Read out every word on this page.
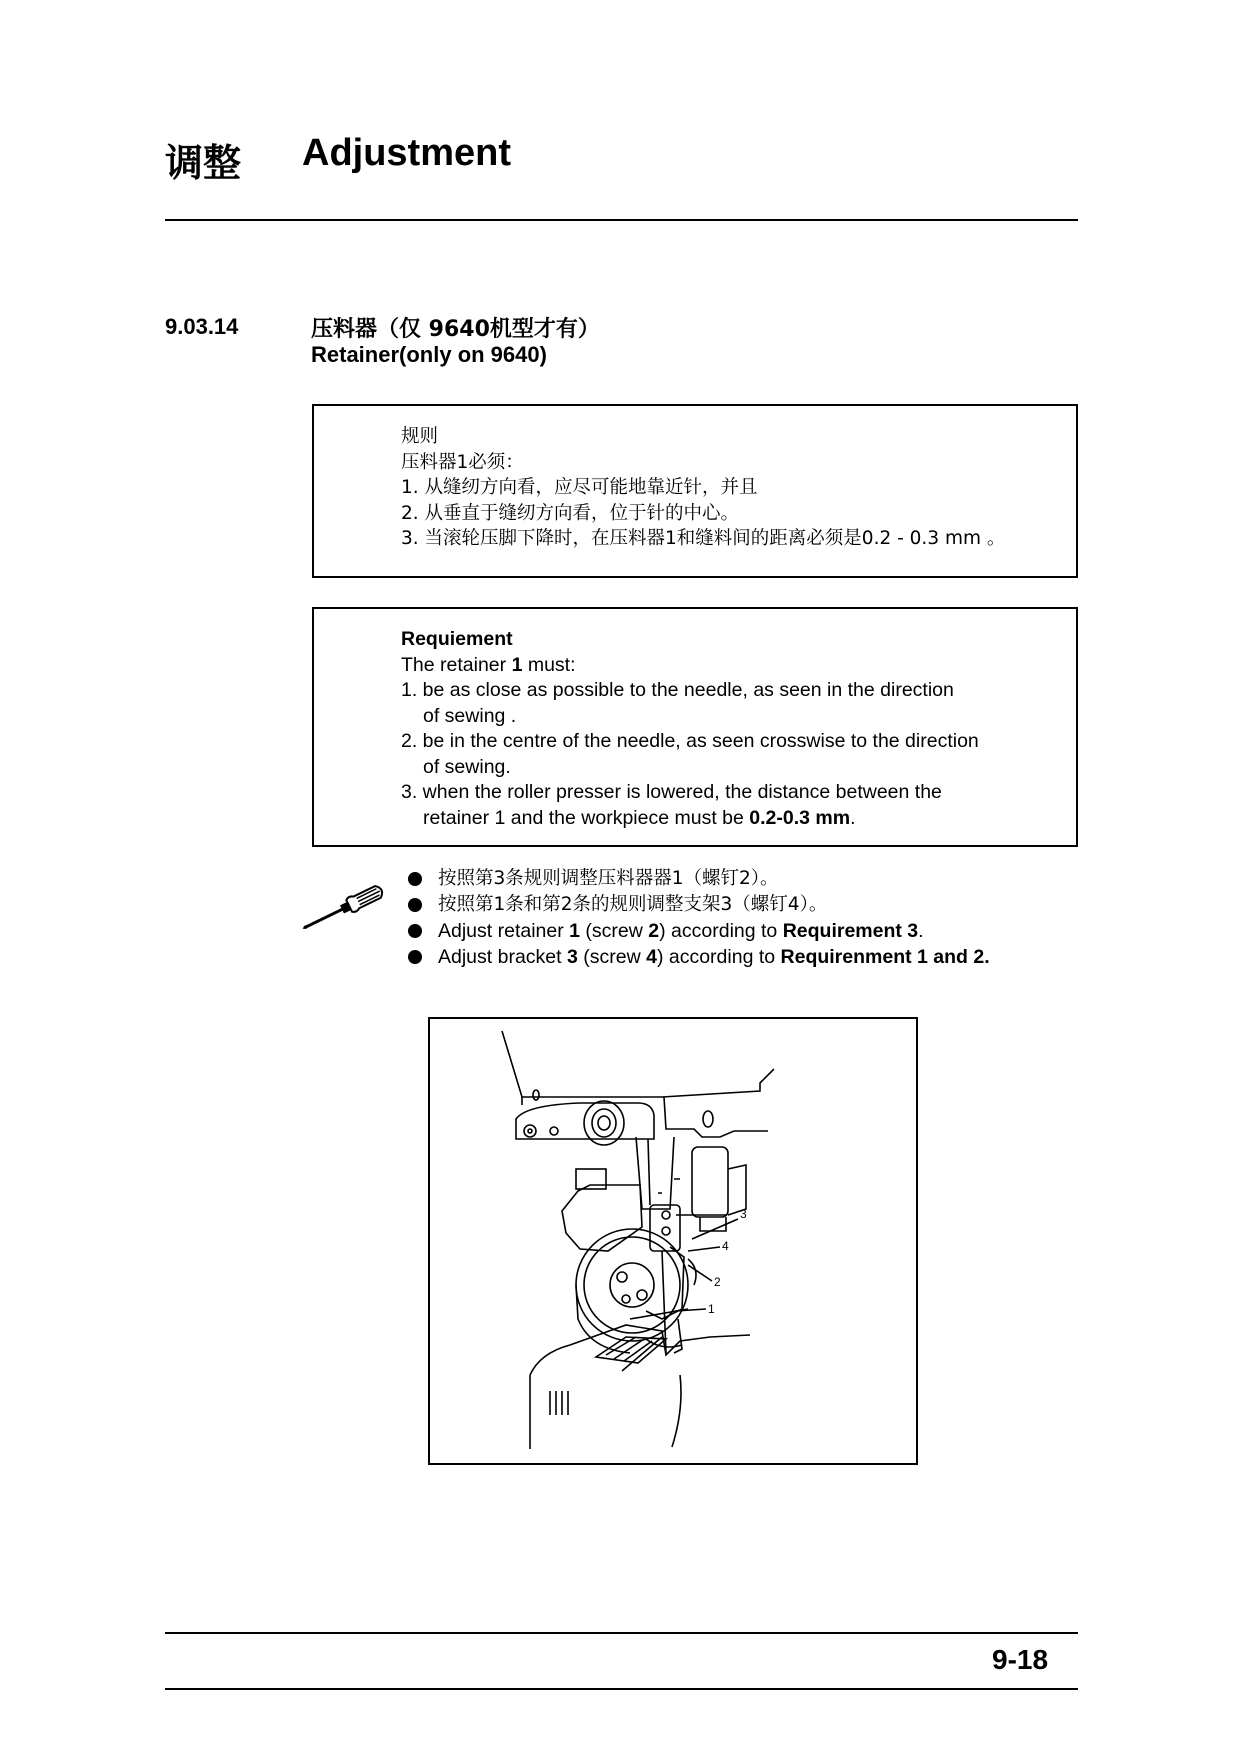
调整 Adjustment
9.03.14	压料器（仅 9640机型才有）
Retainer(only on 9640)
规则
压料器1必须：
1. 从缝纫方向看，应尽可能地靠近针，并且
2. 从垂直于缝纫方向看，位于针的中心。
3. 当滚轮压脚下降时，在压料器1和缝料间的距离必须是0.2 - 0.3 mm 。
Requiement
The retainer 1 must:
1. be as close as possible to the needle, as seen in the direction
of sewing .
2. be in the centre of the needle, as seen crosswise to the direction
of sewing.
3. when the roller presser is lowered, the distance between the
retainer 1 and the workpiece must be 0.2-0.3 mm.
按照第3条规则调整压料器器1（螺钉2）。
按照第1条和第2条的规则调整支架3（螺钉4）。
Adjust retainer 1 (screw 2) according to Requirement 3.
Adjust bracket 3 (screw 4) according to Requirenment 1 and 2.
3
4
2
1
9-18
